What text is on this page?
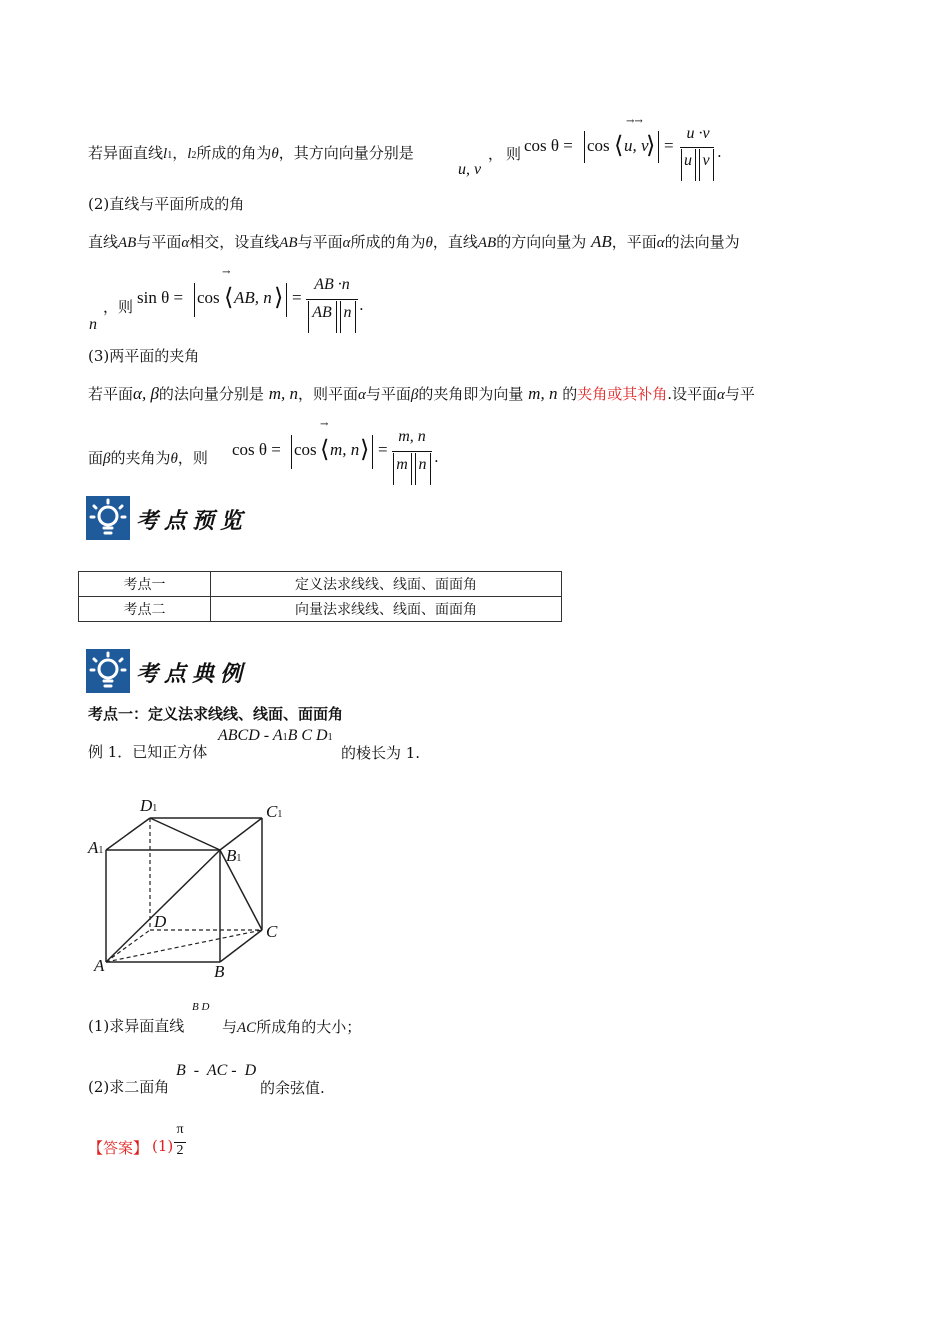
若异面直线l1，l2所成的角为θ，其方向向量分别是
u, v
， 则 cos θ = cos ⟨ u, v
→→
⟩ =
u ·v
u v .
(2)直线与平面所成的角
直线AB与平面α相交，设直线AB与平面α所成的角为θ，直线AB的方向向量为 AB，平面α的法向量为
n
，则 sin θ = cos ⟨ AB, n
→
⟩ =
AB ·n
AB n .
(3)两平面的夹角
若平面α, β的法向量分别是 m, n，则平面α与平面β的夹角即为向量 m, n 的夹角或其补角.设平面α与平
面β的夹角为θ，则 cos θ = cos ⟨ m, n
→
⟩ =
m, n
m n .
考点预览
考点一	定义法求线线、线面、面面角
考点二	向量法求线线、线面、面面角
考点典例
考点一：定义法求线线、线面、面面角
例 1．已知正方体
ABCD - A1B C D1
的棱长为 1.
D1	C1
A1	B1
D
C
A	B
(1)求异面直线
B D
与AC所成角的大小；
(2)求二面角
B  -  AC -  D
的余弦值.
【答案】 (1)
π
2
